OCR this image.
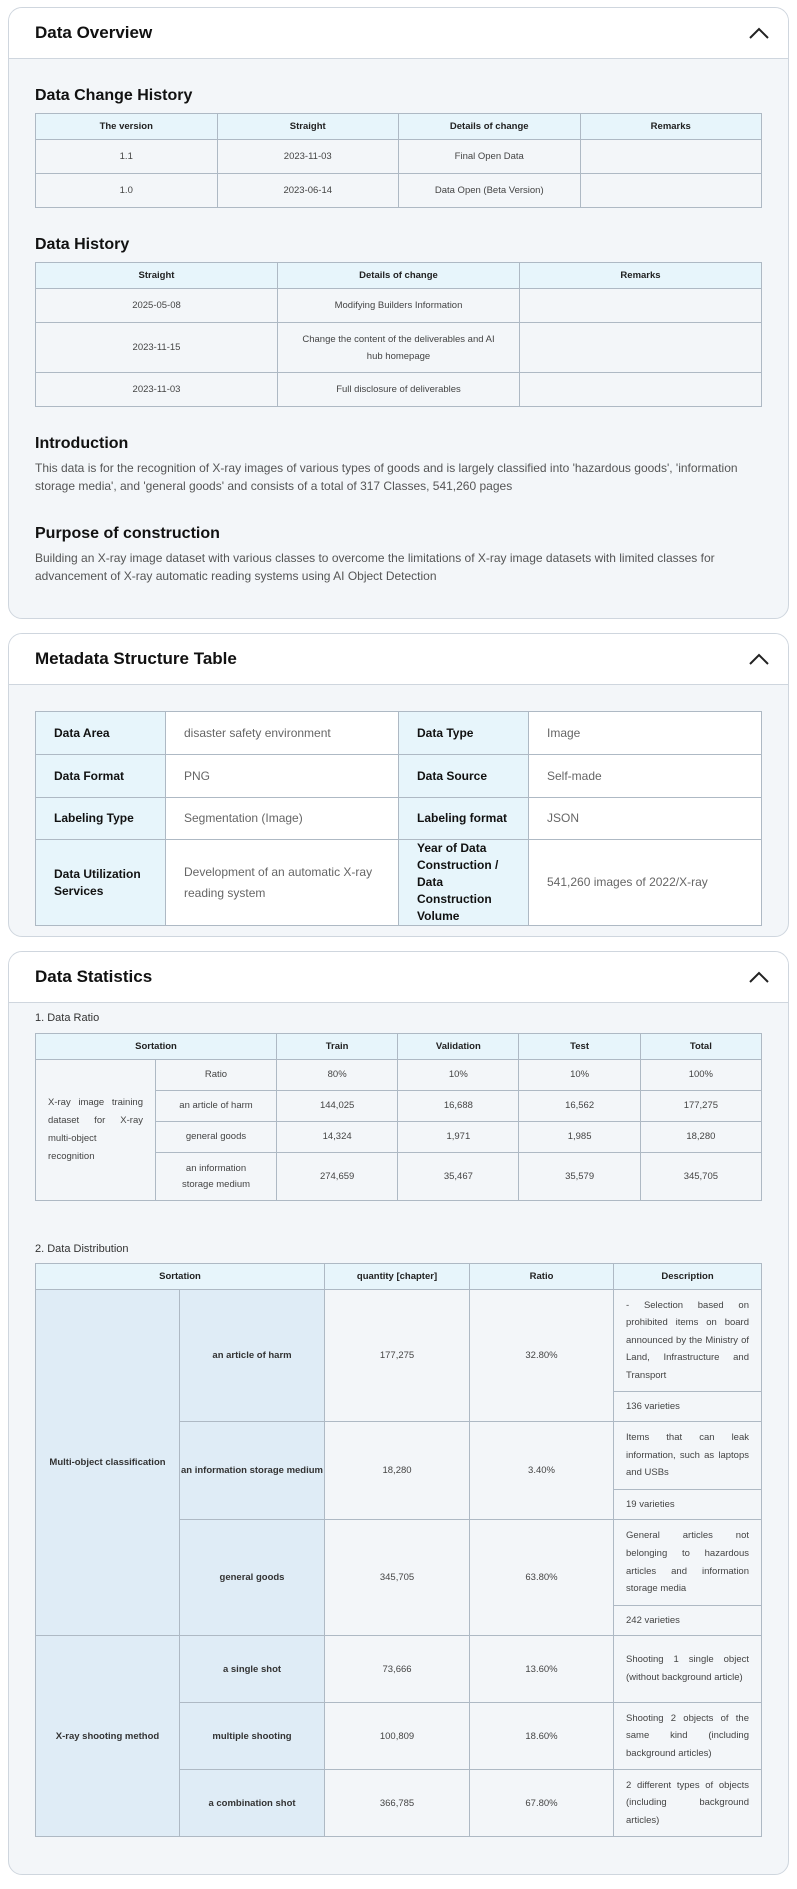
Data Overview
Data Change History
The version	Straight	Details of change	Remarks
1.1	2023-11-03	Final Open Data	
1.0	2023-06-14	Data Open (Beta Version)	
Data History
Straight	Details of change	Remarks
2025-05-08	Modifying Builders Information	
2023-11-15	Change the content of the deliverables and AI hub homepage	
2023-11-03	Full disclosure of deliverables	
Introduction

This data is for the recognition of X-ray images of various types of goods and is largely classified into 'hazardous goods', 'information storage media', and 'general goods' and consists of a total of 317 Classes, 541,260 pages

Purpose of construction

Building an X-ray image dataset with various classes to overcome the limitations of X-ray image datasets with limited classes for advancement of X-ray automatic reading systems using AI Object Detection

Metadata Structure Table
Data Area	disaster safety environment	Data Type	Image
Data Format	PNG	Data Source	Self-made
Labeling Type	Segmentation (Image)	Labeling format	JSON
Data Utilization Services	Development of an automatic X-ray reading system	Year of Data Construction / Data Construction Volume	541,260 images of 2022/X-ray
Data Statistics
1. Data Ratio
Sortation		Train	Validation	Test	Total
X-ray image training dataset for X-ray multi-object recognition	Ratio	80%	10%	10%	100%
	an article of harm	144,025	16,688	16,562	177,275
	general goods	14,324	1,971	1,985	18,280
	an information storage medium	274,659	35,467	35,579	345,705
2. Data Distribution
Sortation		quantity [chapter]	Ratio	Description
Multi-object classification	an article of harm	177,275	32.80%	- Selection based on prohibited items on board announced by the Ministry of Land, Infrastructure and Transport
				136 varieties
	an information storage medium	18,280	3.40%	Items that can leak information, such as laptops and USBs
				19 varieties
	general goods	345,705	63.80%	General articles not belonging to hazardous articles and information storage media
				242 varieties
X-ray shooting method	a single shot	73,666	13.60%	Shooting 1 single object (without background article)
	multiple shooting	100,809	18.60%	Shooting 2 objects of the same kind (including background articles)
	a combination shot	366,785	67.80%	2 different types of objects (including background articles)
